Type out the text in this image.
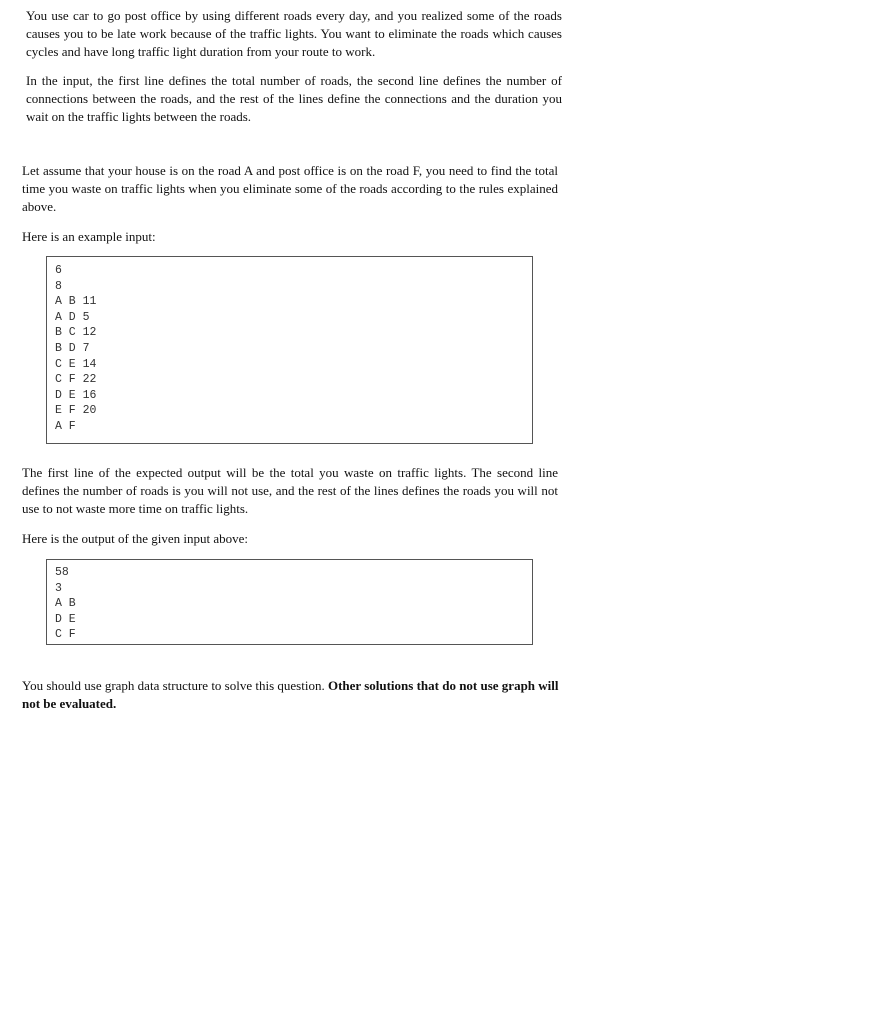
You use car to go post office by using different roads every day, and you realized some of the roads causes you to be late work because of the traffic lights. You want to eliminate the roads which causes cycles and have long traffic light duration from your route to work.

In the input, the first line defines the total number of roads, the second line defines the number of connections between the roads, and the rest of the lines define the connections and the duration you wait on the traffic lights between the roads.

Let assume that your house is on the road A and post office is on the road F, you need to find the total time you waste on traffic lights when you eliminate some of the roads according to the rules explained above.

Here is an example input:

6
8
A B 11
A D 5
B C 12
B D 7
C E 14
C F 22
D E 16
E F 20
A F

The first line of the expected output will be the total you waste on traffic lights. The second line defines the number of roads is you will not use, and the rest of the lines defines the roads you will not use to not waste more time on traffic lights.

Here is the output of the given input above:

58
3
A B
D E
C F

You should use graph data structure to solve this question. Other solutions that do not use graph will not be evaluated.
